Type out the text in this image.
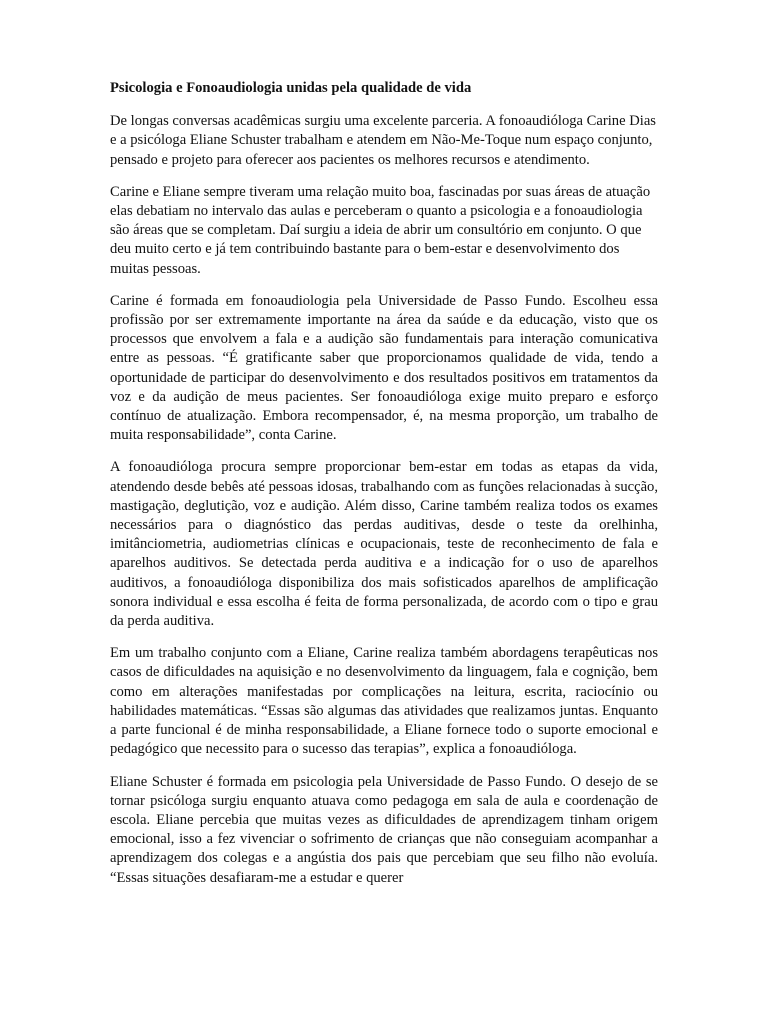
Psicologia e Fonoaudiologia unidas pela qualidade de vida

De longas conversas acadêmicas surgiu uma excelente parceria. A fonoaudióloga Carine Dias e a psicóloga Eliane Schuster trabalham e atendem em Não-Me-Toque num espaço conjunto, pensado e projeto para oferecer aos pacientes os melhores recursos e atendimento.

Carine e Eliane sempre tiveram uma relação muito boa, fascinadas por suas áreas de atuação elas debatiam no intervalo das aulas e perceberam o quanto a psicologia e a fonoaudiologia são áreas que se completam. Daí surgiu a ideia de abrir um consultório em conjunto. O que deu muito certo e já tem contribuindo bastante para o bem-estar e desenvolvimento dos muitas pessoas.

Carine é formada em fonoaudiologia pela Universidade de Passo Fundo. Escolheu essa profissão por ser extremamente importante na área da saúde e da educação, visto que os processos que envolvem a fala e a audição são fundamentais para interação comunicativa entre as pessoas. “É gratificante saber que proporcionamos qualidade de vida, tendo a oportunidade de participar do desenvolvimento e dos resultados positivos em tratamentos da voz e da audição de meus pacientes. Ser fonoaudióloga exige muito preparo e esforço contínuo de atualização. Embora recompensador, é, na mesma proporção, um trabalho de muita responsabilidade”, conta Carine.

A fonoaudióloga procura sempre proporcionar bem-estar em todas as etapas da vida, atendendo desde bebês até pessoas idosas, trabalhando com as funções relacionadas à sucção, mastigação, deglutição, voz e audição. Além disso, Carine também realiza todos os exames necessários para o diagnóstico das perdas auditivas, desde o teste da orelhinha, imitânciometria, audiometrias clínicas e ocupacionais, teste de reconhecimento de fala e aparelhos auditivos. Se detectada perda auditiva e a indicação for o uso de aparelhos auditivos, a fonoaudióloga disponibiliza dos mais sofisticados aparelhos de amplificação sonora individual e essa escolha é feita de forma personalizada, de acordo com o tipo e grau da perda auditiva.

Em um trabalho conjunto com a Eliane, Carine realiza também abordagens terapêuticas nos casos de dificuldades na aquisição e no desenvolvimento da linguagem, fala e cognição, bem como em alterações manifestadas por complicações na leitura, escrita, raciocínio ou habilidades matemáticas. “Essas são algumas das atividades que realizamos juntas. Enquanto a parte funcional é de minha responsabilidade, a Eliane fornece todo o suporte emocional e pedagógico que necessito para o sucesso das terapias”, explica a fonoaudióloga.

Eliane Schuster é formada em psicologia pela Universidade de Passo Fundo. O desejo de se tornar psicóloga surgiu enquanto atuava como pedagoga em sala de aula e coordenação de escola. Eliane percebia que muitas vezes as dificuldades de aprendizagem tinham origem emocional, isso a fez vivenciar o sofrimento de crianças que não conseguiam acompanhar a aprendizagem dos colegas e a angústia dos pais que percebiam que seu filho não evoluía. “Essas situações desafiaram-me a estudar e querer
